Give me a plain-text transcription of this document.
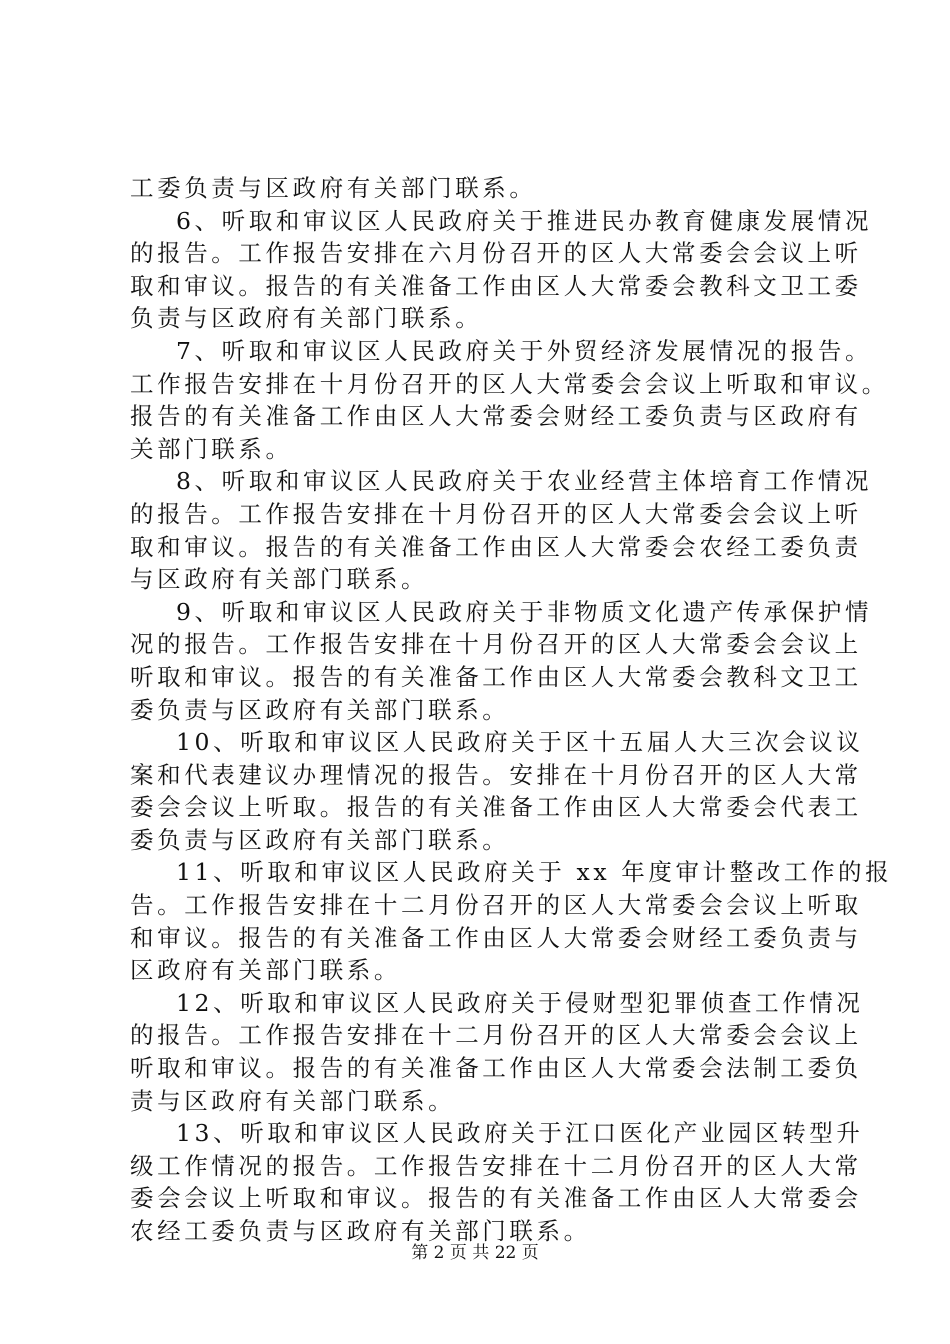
工委负责与区政府有关部门联系。
6、听取和审议区人民政府关于推进民办教育健康发展情况
的报告。工作报告安排在六月份召开的区人大常委会会议上听
取和审议。报告的有关准备工作由区人大常委会教科文卫工委
负责与区政府有关部门联系。
7、听取和审议区人民政府关于外贸经济发展情况的报告。
工作报告安排在十月份召开的区人大常委会会议上听取和审议。
报告的有关准备工作由区人大常委会财经工委负责与区政府有
关部门联系。
8、听取和审议区人民政府关于农业经营主体培育工作情况
的报告。工作报告安排在十月份召开的区人大常委会会议上听
取和审议。报告的有关准备工作由区人大常委会农经工委负责
与区政府有关部门联系。
9、听取和审议区人民政府关于非物质文化遗产传承保护情
况的报告。工作报告安排在十月份召开的区人大常委会会议上
听取和审议。报告的有关准备工作由区人大常委会教科文卫工
委负责与区政府有关部门联系。
10、听取和审议区人民政府关于区十五届人大三次会议议
案和代表建议办理情况的报告。安排在十月份召开的区人大常
委会会议上听取。报告的有关准备工作由区人大常委会代表工
委负责与区政府有关部门联系。
11、听取和审议区人民政府关于 xx 年度审计整改工作的报
告。工作报告安排在十二月份召开的区人大常委会会议上听取
和审议。报告的有关准备工作由区人大常委会财经工委负责与
区政府有关部门联系。
12、听取和审议区人民政府关于侵财型犯罪侦查工作情况
的报告。工作报告安排在十二月份召开的区人大常委会会议上
听取和审议。报告的有关准备工作由区人大常委会法制工委负
责与区政府有关部门联系。
13、听取和审议区人民政府关于江口医化产业园区转型升
级工作情况的报告。工作报告安排在十二月份召开的区人大常
委会会议上听取和审议。报告的有关准备工作由区人大常委会
农经工委负责与区政府有关部门联系。
第 2 页 共 22 页
